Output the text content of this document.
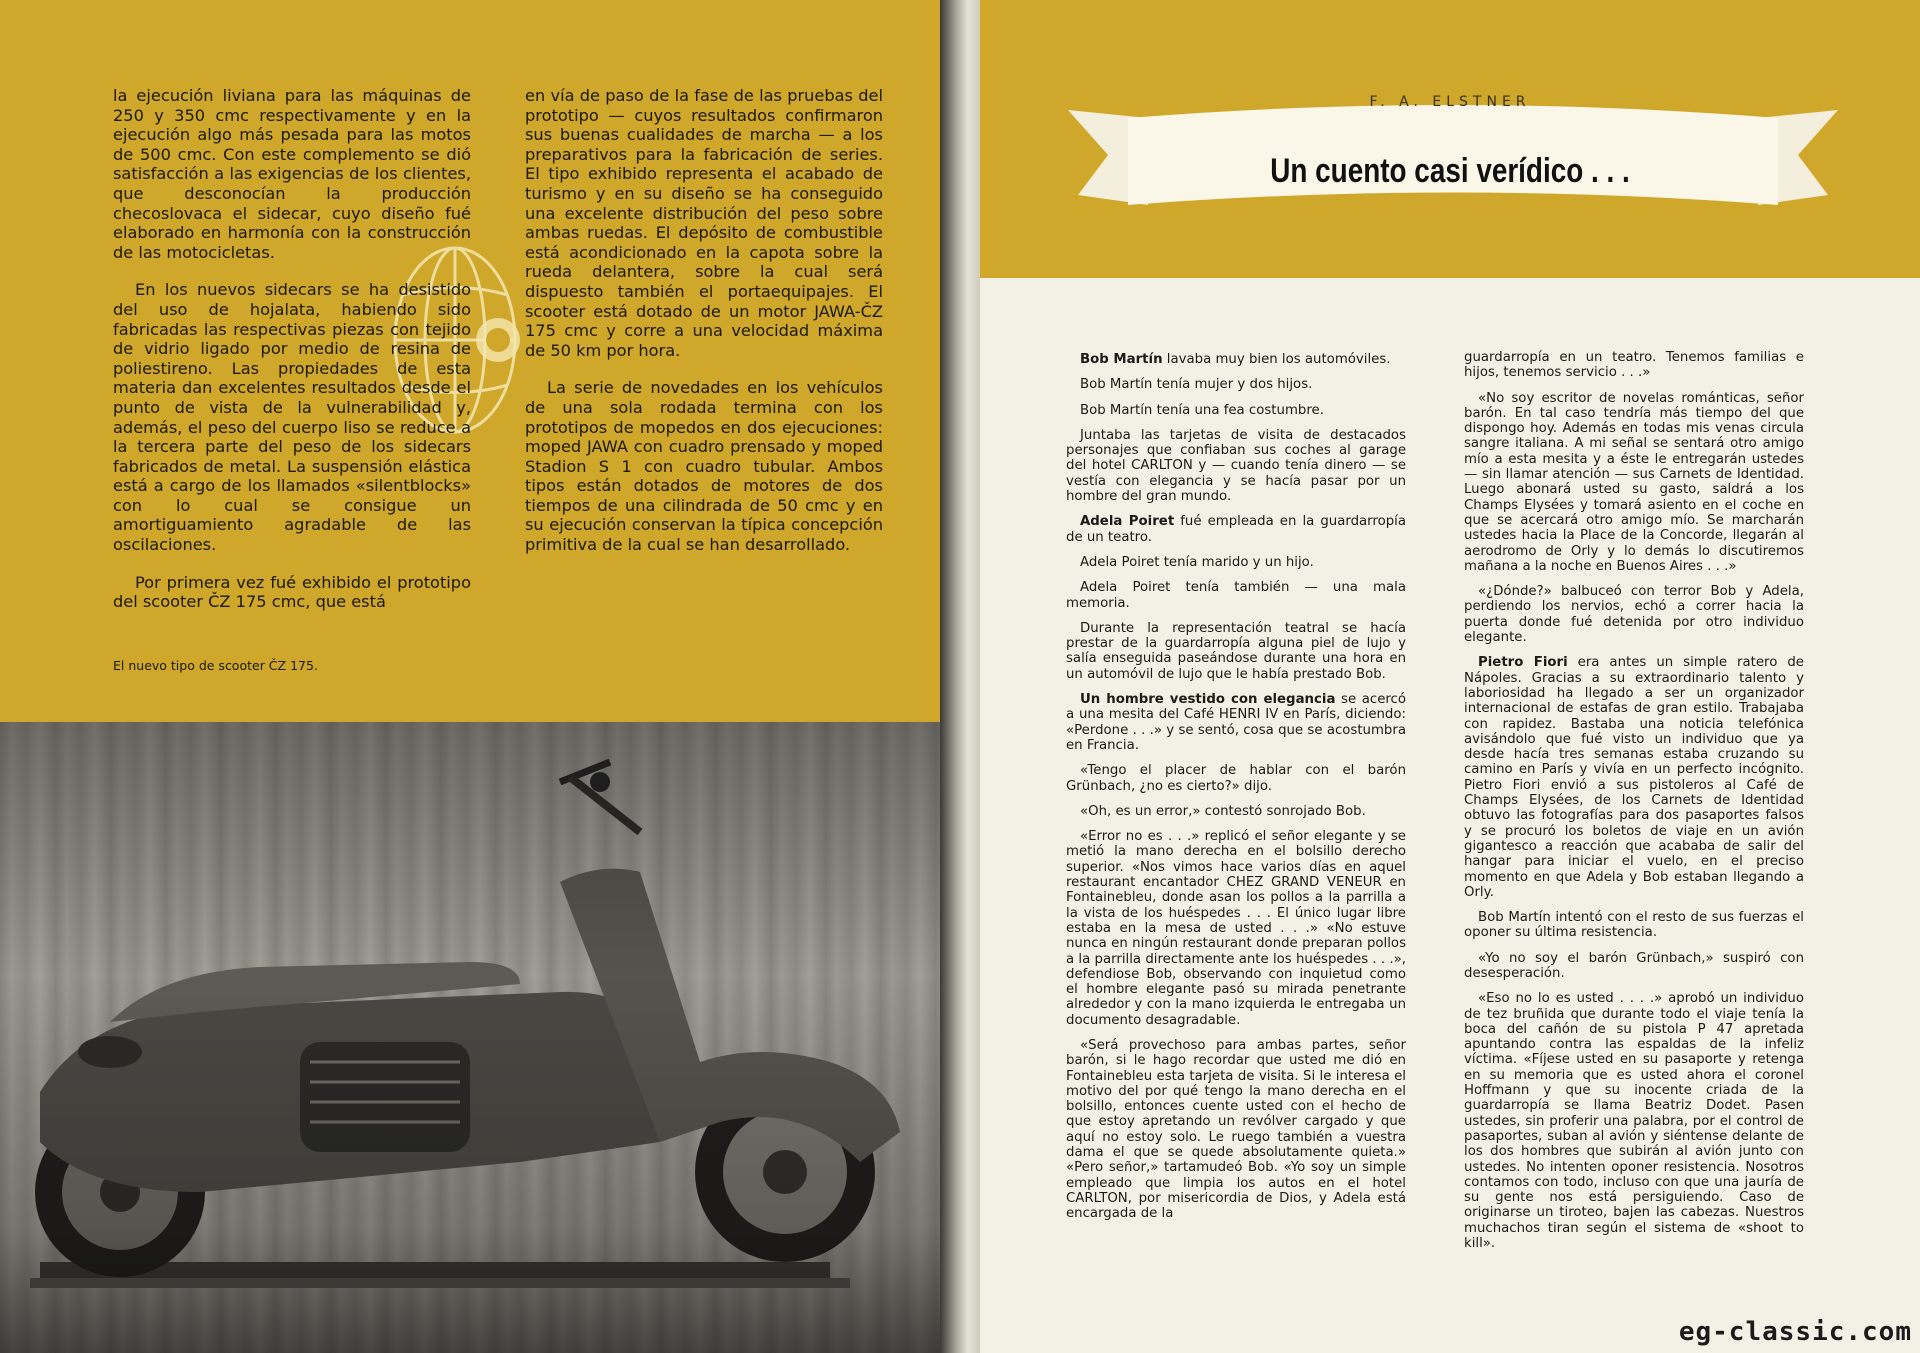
la ejecución liviana para las máquinas de 250 y 350 cmc respectivamente y en la ejecución algo más pesada para las motos de 500 cmc. Con este complemento se dió satisfacción a las exigencias de los clientes, que desconocían la producción checoslovaca el sidecar, cuyo diseño fué elaborado en harmonía con la construcción de las motocicletas.

En los nuevos sidecars se ha desistido del uso de hojalata, habiendo sido fabricadas las respectivas piezas con tejido de vidrio ligado por medio de resina de poliestireno. Las propiedades de esta materia dan excelentes resultados desde el punto de vista de la vulnerabilidad y, además, el peso del cuerpo liso se reduce a la tercera parte del peso de los sidecars fabricados de metal. La suspensión elástica está a cargo de los llamados «silentblocks» con lo cual se consigue un amortiguamiento agradable de las oscilaciones.

Por primera vez fué exhibido el prototipo del scooter ČZ 175 cmc, que está

en vía de paso de la fase de las pruebas del prototipo — cuyos resultados confirmaron sus buenas cualidades de marcha — a los preparativos para la fabricación de series. El tipo exhibido representa el acabado de turismo y en su diseño se ha conseguido una excelente distribución del peso sobre ambas ruedas. El depósito de combustible está acondicionado en la capota sobre la rueda delantera, sobre la cual será dispuesto también el portaequipajes. El scooter está dotado de un motor JAWA-ČZ 175 cmc y corre a una velocidad máxima de 50 km por hora.

La serie de novedades en los vehículos de una sola rodada termina con los prototipos de mopedos en dos ejecuciones: moped JAWA con cuadro prensado y moped Stadion S 1 con cuadro tubular. Ambos tipos están dotados de motores de dos tiempos de una cilindrada de 50 cmc y en su ejecución conservan la típica concepción primitiva de la cual se han desarrollado.

El nuevo tipo de scooter ČZ 175.
F. A. ELSTNER
Un cuento casi verídico . . .

Bob Martín lavaba muy bien los automóviles.

Bob Martín tenía mujer y dos hijos.

Bob Martín tenía una fea costumbre.

Juntaba las tarjetas de visita de destacados personajes que confiaban sus coches al garage del hotel CARLTON y — cuando tenía dinero — se vestía con elegancia y se hacía pasar por un hombre del gran mundo.

Adela Poiret fué empleada en la guardarropía de un teatro.

Adela Poiret tenía marido y un hijo.

Adela Poiret tenía también — una mala memoria.

Durante la representación teatral se hacía prestar de la guardarropía alguna piel de lujo y salía enseguida paseándose durante una hora en un automóvil de lujo que le había prestado Bob.

Un hombre vestido con elegancia se acercó a una mesita del Café HENRI IV en París, diciendo: «Perdone . . .» y se sentó, cosa que se acostumbra en Francia.

«Tengo el placer de hablar con el barón Grünbach, ¿no es cierto?» dijo.

«Oh, es un error,» contestó sonrojado Bob.

«Error no es . . .» replicó el señor elegante y se metió la mano derecha en el bolsillo derecho superior. «Nos vimos hace varios días en aquel restaurant encantador CHEZ GRAND VENEUR en Fontainebleu, donde asan los pollos a la parrilla a la vista de los huéspedes . . . El único lugar libre estaba en la mesa de usted . . .» «No estuve nunca en ningún restaurant donde preparan pollos a la parrilla directamente ante los huéspedes . . .», defendiose Bob, observando con inquietud como el hombre elegante pasó su mirada penetrante alrededor y con la mano izquierda le entregaba un documento desagradable.

«Será provechoso para ambas partes, señor barón, si le hago recordar que usted me dió en Fontainebleu esta tarjeta de visita. Si le interesa el motivo del por qué tengo la mano derecha en el bolsillo, entonces cuente usted con el hecho de que estoy apretando un revólver cargado y que aquí no estoy solo. Le ruego también a vuestra dama el que se quede absolutamente quieta.» «Pero señor,» tartamudeó Bob. «Yo soy un simple empleado que limpia los autos en el hotel CARLTON, por misericordia de Dios, y Adela está encargada de la

guardarropía en un teatro. Tenemos familias e hijos, tenemos servicio . . .»

«No soy escritor de novelas románticas, señor barón. En tal caso tendría más tiempo del que dispongo hoy. Además en todas mis venas circula sangre italiana. A mi señal se sentará otro amigo mío a esta mesita y a éste le entregarán ustedes — sin llamar atención — sus Carnets de Identidad. Luego abonará usted su gasto, saldrá a los Champs Elysées y tomará asiento en el coche en que se acercará otro amigo mío. Se marcharán ustedes hacia la Place de la Concorde, llegarán al aerodromo de Orly y lo demás lo discutiremos mañana a la noche en Buenos Aires . . .»

«¿Dónde?» balbuceó con terror Bob y Adela, perdiendo los nervios, echó a correr hacia la puerta donde fué detenida por otro individuo elegante.

Pietro Fiori era antes un simple ratero de Nápoles. Gracias a su extraordinario talento y laboriosidad ha llegado a ser un organizador internacional de estafas de gran estilo. Trabajaba con rapidez. Bastaba una noticia telefónica avisándolo que fué visto un individuo que ya desde hacía tres semanas estaba cruzando su camino en París y vivía en un perfecto incógnito. Pietro Fiori envió a sus pistoleros al Café de Champs Elysées, de los Carnets de Identidad obtuvo las fotografías para dos pasaportes falsos y se procuró los boletos de viaje en un avión gigantesco a reacción que acababa de salir del hangar para iniciar el vuelo, en el preciso momento en que Adela y Bob estaban llegando a Orly.

Bob Martín intentó con el resto de sus fuerzas el oponer su última resistencia.

«Yo no soy el barón Grünbach,» suspiró con desesperación.

«Eso no lo es usted . . . .» aprobó un individuo de tez bruñida que durante todo el viaje tenía la boca del cañón de su pistola P 47 apretada apuntando contra las espaldas de la infeliz víctima. «Fíjese usted en su pasaporte y retenga en su memoria que es usted ahora el coronel Hoffmann y que su inocente criada de la guardarropía se llama Beatriz Dodet. Pasen ustedes, sin proferir una palabra, por el control de pasaportes, suban al avión y siéntense delante de los dos hombres que subirán al avión junto con ustedes. No intenten oponer resistencia. Nosotros contamos con todo, incluso con que una jauría de su gente nos está persiguiendo. Caso de originarse un tiroteo, bajen las cabezas. Nuestros muchachos tiran según el sistema de «shoot to kill».

eg-classic.com
